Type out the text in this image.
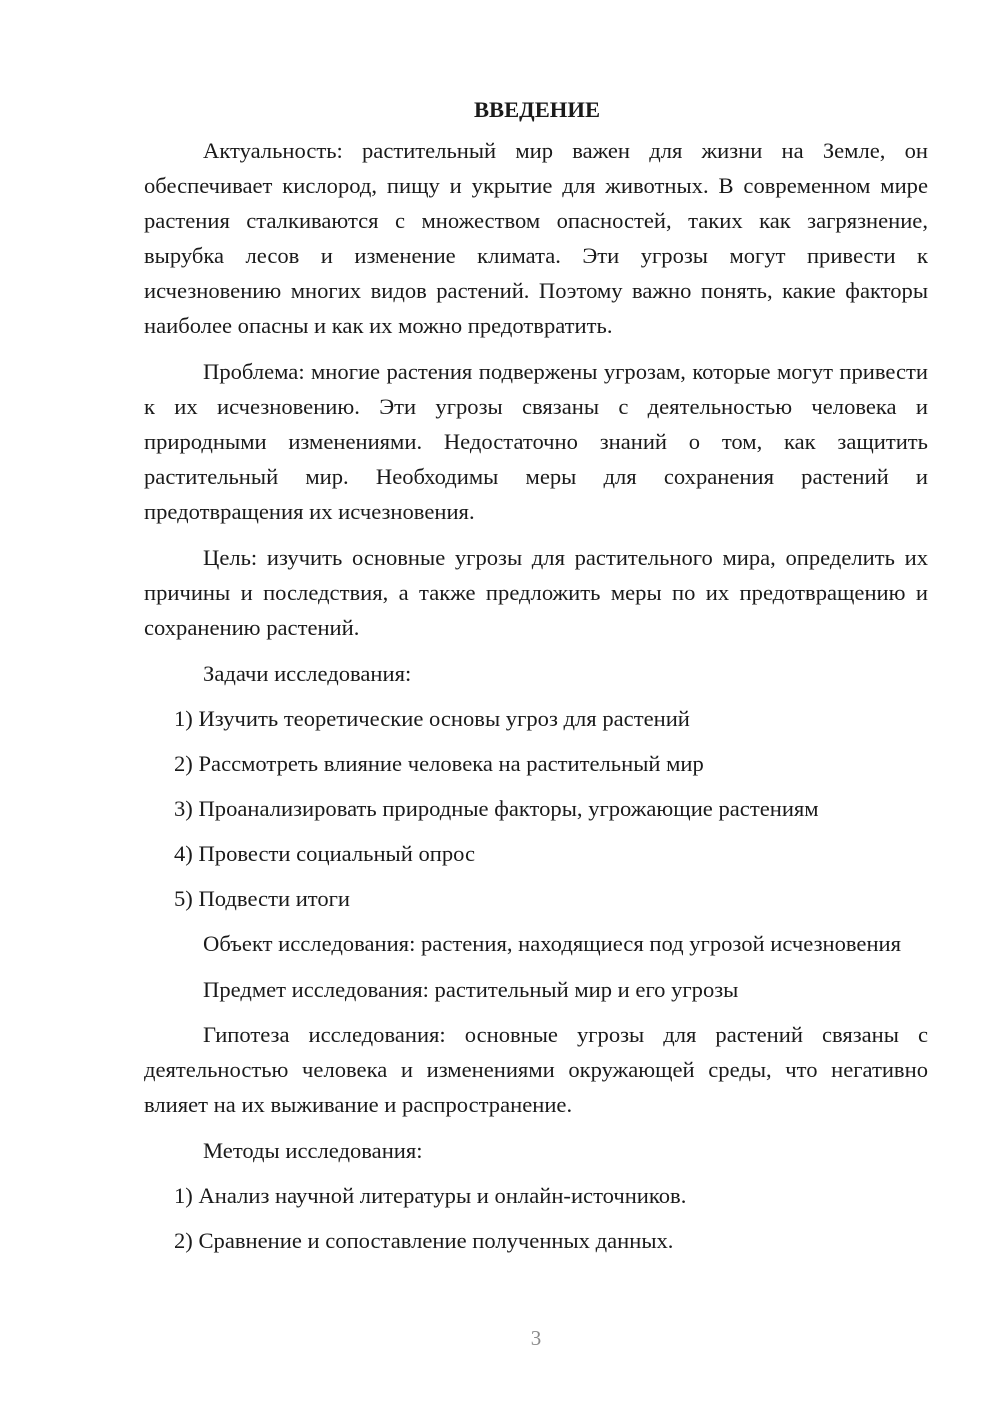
ВВЕДЕНИЕ
Актуальность: растительный мир важен для жизни на Земле, он обеспечивает кислород, пищу и укрытие для животных. В современном мире растения сталкиваются с множеством опасностей, таких как загрязнение, вырубка лесов и изменение климата. Эти угрозы могут привести к исчезновению многих видов растений. Поэтому важно понять, какие факторы наиболее опасны и как их можно предотвратить.
Проблема: многие растения подвержены угрозам, которые могут привести к их исчезновению. Эти угрозы связаны с деятельностью человека и природными изменениями. Недостаточно знаний о том, как защитить растительный мир. Необходимы меры для сохранения растений и предотвращения их исчезновения.
Цель: изучить основные угрозы для растительного мира, определить их причины и последствия, а также предложить меры по их предотвращению и сохранению растений.
Задачи исследования:
1) Изучить теоретические основы угроз для растений
2) Рассмотреть влияние человека на растительный мир
3) Проанализировать природные факторы, угрожающие растениям
4) Провести социальный опрос
5) Подвести итоги
Объект исследования: растения, находящиеся под угрозой исчезновения
Предмет исследования: растительный мир и его угрозы
Гипотеза исследования: основные угрозы для растений связаны с деятельностью человека и изменениями окружающей среды, что негативно влияет на их выживание и распространение.
Методы исследования:
1) Анализ научной литературы и онлайн-источников.
2) Сравнение и сопоставление полученных данных.
3
